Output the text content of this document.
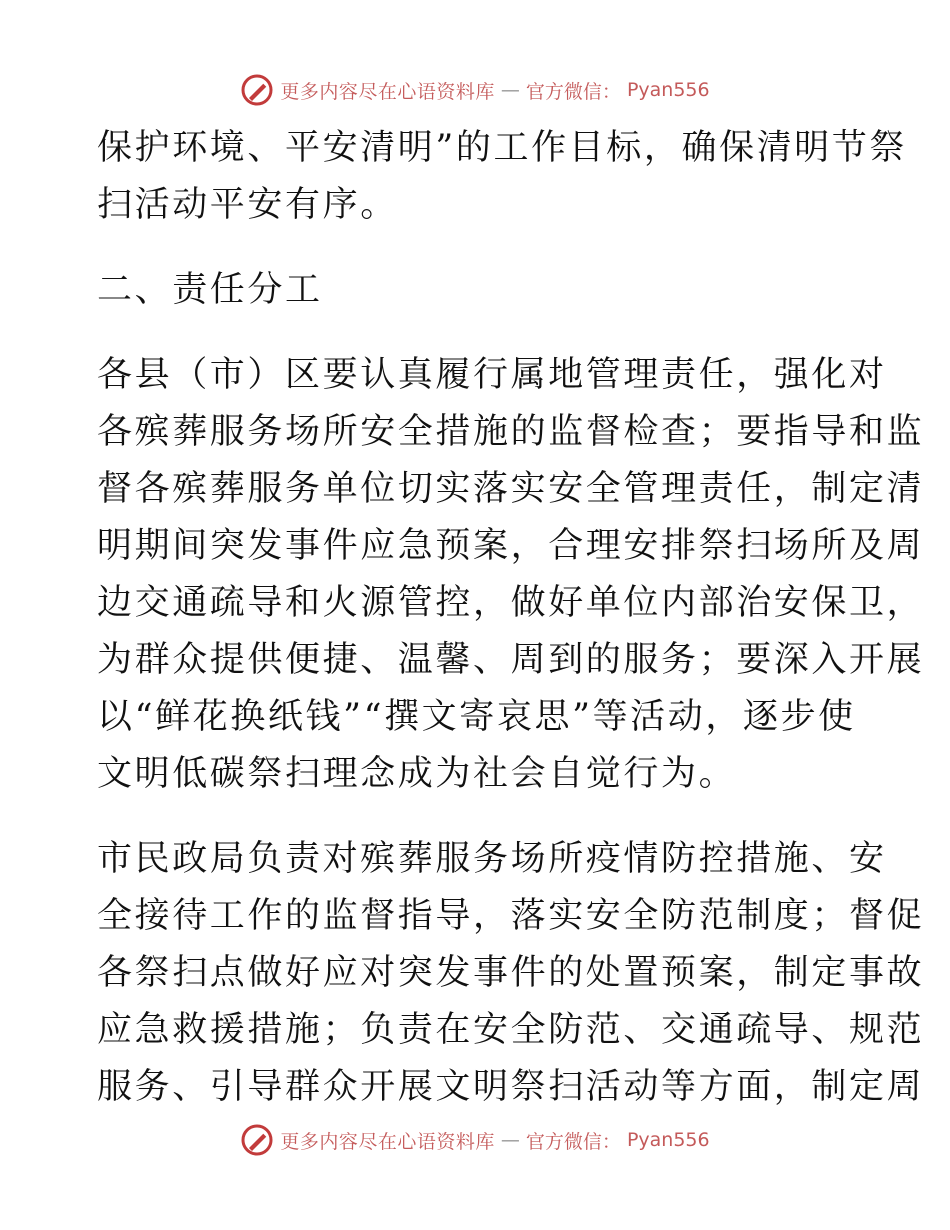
更多内容尽在心语资料库 — 官方微信： Pyan556
保护环境、平安清明”的工作目标，确保清明节祭
扫活动平安有序。
二、责任分工
各县（市）区要认真履行属地管理责任，强化对
各殡葬服务场所安全措施的监督检查；要指导和监
督各殡葬服务单位切实落实安全管理责任，制定清
明期间突发事件应急预案，合理安排祭扫场所及周
边交通疏导和火源管控，做好单位内部治安保卫，
为群众提供便捷、温馨、周到的服务；要深入开展
以“鲜花换纸钱”“撰文寄哀思”等活动，逐步使
文明低碳祭扫理念成为社会自觉行为。
市民政局负责对殡葬服务场所疫情防控措施、安
全接待工作的监督指导，落实安全防范制度；督促
各祭扫点做好应对突发事件的处置预案，制定事故
应急救援措施；负责在安全防范、交通疏导、规范
服务、引导群众开展文明祭扫活动等方面，制定周
更多内容尽在心语资料库 — 官方微信： Pyan556
